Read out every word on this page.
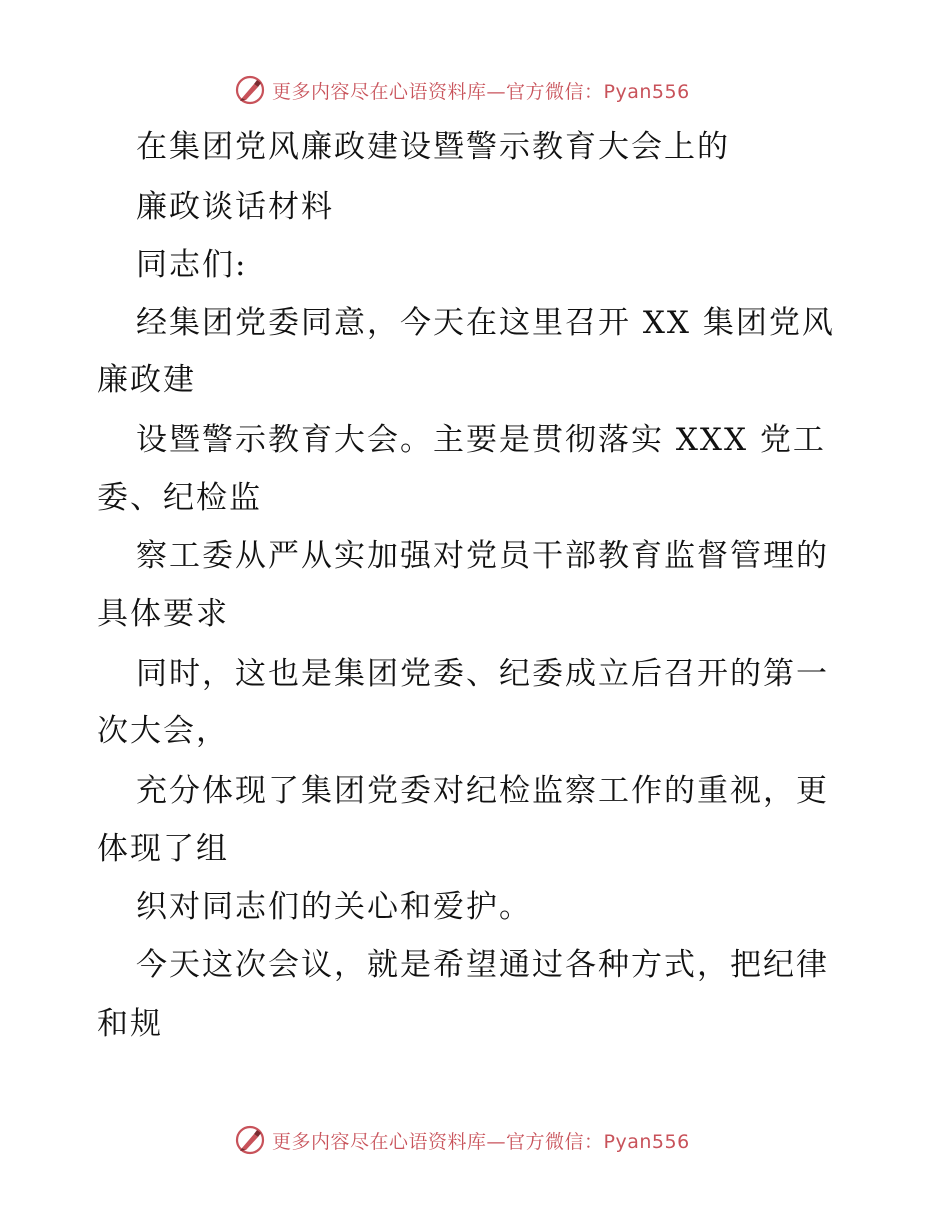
更多内容尽在心语资料库—官方微信：Pyan556
在集团党风廉政建设暨警示教育大会上的
廉政谈话材料
同志们:
经集团党委同意，今天在这里召开 XX 集团党风
廉政建
设暨警示教育大会。主要是贯彻落实 XXX 党工
委、纪检监
察工委从严从实加强对党员干部教育监督管理的
具体要求
同时，这也是集团党委、纪委成立后召开的第一
次大会，
充分体现了集团党委对纪检监察工作的重视，更
体现了组
织对同志们的关心和爱护。
今天这次会议，就是希望通过各种方式，把纪律
和规
更多内容尽在心语资料库—官方微信：Pyan556
